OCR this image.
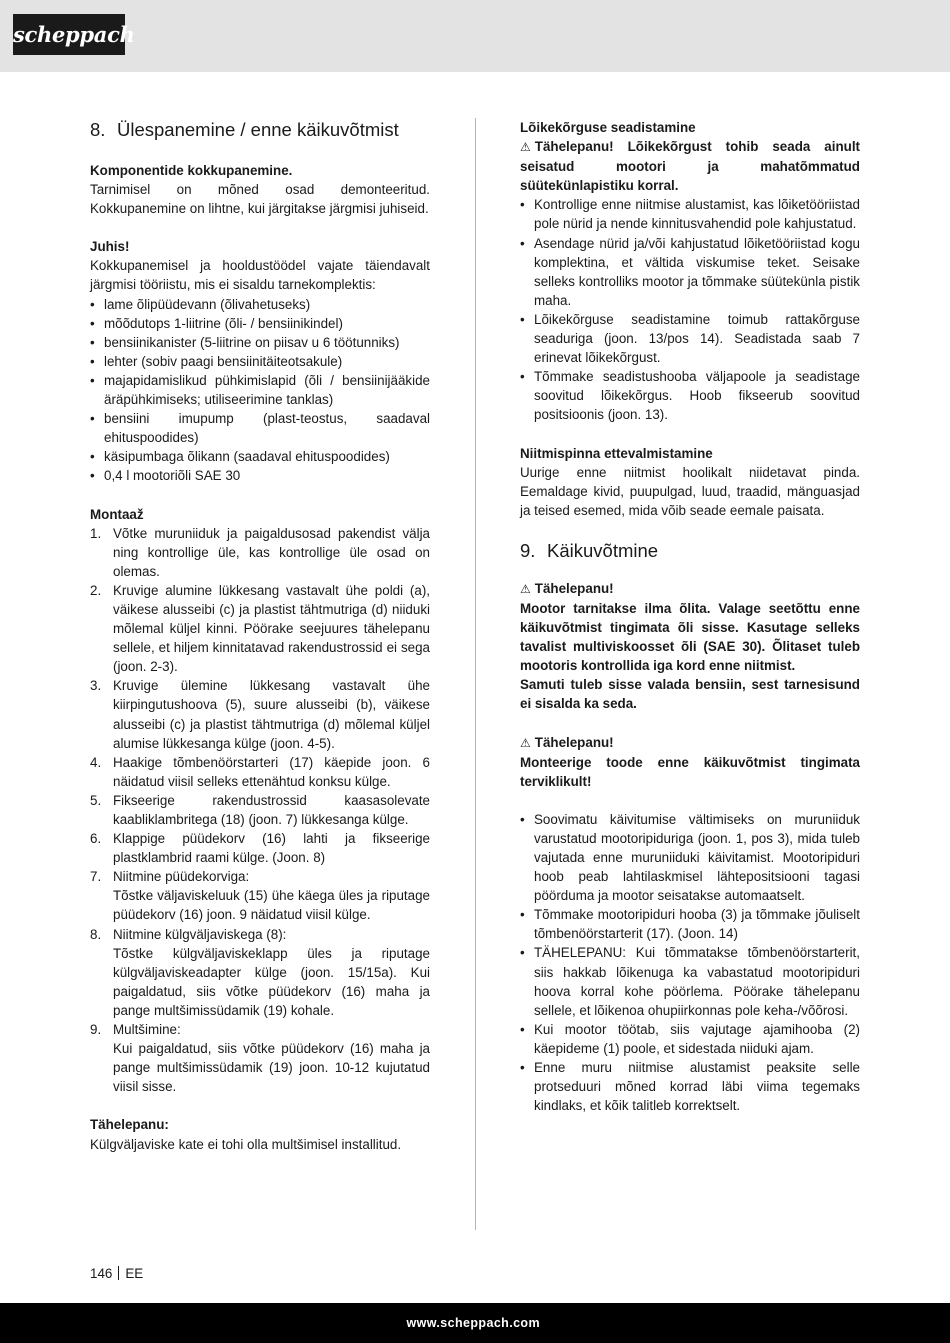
scheppach
8. Ülespanemine / enne käikuvõtmist
Komponentide kokkupanemine.

Tarnimisel on mõned osad demonteeritud. Kokkupanemine on lihtne, kui järgitakse järgmisi juhiseid.

Juhis!

Kokkupanemisel ja hooldustöödel vajate täiendavalt järgmisi tööriistu, mis ei sisaldu tarnekomplektis:

• lame õlipüüdevann (õlivahetuseks)
• mõõdutops 1-liitrine (õli- / bensiinikindel)
• bensiinikanister (5-liitrine on piisav u 6 töötunniks)
• lehter (sobiv paagi bensiinitäiteotsakule)
• majapidamislikud pühkimislapid (õli / bensiinijääkide äräpühkimiseks; utiliseerimine tanklas)
• bensiini imupump (plast-teostus, saadaval ehituspoodides)
• käsipumbaga õlikann (saadaval ehituspoodides)
• 0,4 l mootoriõli SAE 30
Montaaž
1. Võtke muruniiduk ja paigaldusosad pakendist välja ning kontrollige üle, kas kontrollige üle osad on olemas.
2. Kruvige alumine lükkesang vastavalt ühe poldi (a), väikese alusseibi (c) ja plastist tähtmutriga (d) niiduki mõlemal küljel kinni. Pöörake seejuures tähelepanu sellele, et hiljem kinnitatavad rakendustrossid ei sega (joon. 2-3).
3. Kruvige ülemine lükkesang vastavalt ühe kiirpingutushoova (5), suure alusseibi (b), väikese alusseibi (c) ja plastist tähtmutriga (d) mõlemal küljel alumise lükkesanga külge (joon. 4-5).
4. Haakige tõmbenöörstarteri (17) käepide joon. 6 näidatud viisil selleks ettenähtud konksu külge.
5. Fikseerige rakendustrossid kaasasolevate kaabliklambritega (18) (joon. 7) lükkesanga külge.
6. Klappige püüdekorv (16) lahti ja fikseerige plastklambrid raami külge. (Joon. 8)
7. Niitmine püüdekorviga:
Tõstke väljaviskeluuk (15) ühe käega üles ja riputage püüdekorv (16) joon. 9 näidatud viisil külge.
8. Niitmine külgväljaviskega (8):
Tõstke külgväljaviskeklapp üles ja riputage külgväljaviskeadapter külge (joon. 15/15a). Kui paigaldatud, siis võtke püüdekorv (16) maha ja pange multšimissüdamik (19) kohale.
9. Multšimine:
Kui paigaldatud, siis võtke püüdekorv (16) maha ja pange multšimissüdamik (19) joon. 10-12 kujutatud viisil sisse.
Tähelepanu:

Külgväljaviske kate ei tohi olla multšimisel installitud.

Lõikekõrguse seadistamine

⚠ Tähelepanu! Lõikekõrgust tohib seada ainult seisatud mootori ja mahatõmmatud süütekünlapistiku korral.

• Kontrollige enne niitmise alustamist, kas lõiketööriistad pole nürid ja nende kinnitusvahendid pole kahjustatud.
• Asendage nürid ja/või kahjustatud lõiketööriistad kogu komplektina, et vältida viskumise teket. Seisake selleks kontrolliks mootor ja tõmmake süütekünla pistik maha.
• Lõikekõrguse seadistamine toimub rattakõrguse seaduriga (joon. 13/pos 14). Seadistada saab 7 erinevat lõikekõrgust.
• Tõmmake seadistushooba väljapoole ja seadistage soovitud lõikekõrgus. Hoob fikseerub soovitud positsioonis (joon. 13).
Niitmispinna ettevalmistamine

Uurige enne niitmist hoolikalt niidetavat pinda. Eemaldage kivid, puupulgad, luud, traadid, mänguasjad ja teised esemed, mida võib seade eemale paisata.

9. Käikuvõtmine
⚠ Tähelepanu!

Mootor tarnitakse ilma õlita. Valage seetõttu enne käikuvõtmist tingimata õli sisse. Kasutage selleks tavalist multiviskoosset õli (SAE 30). Õlitaset tuleb mootoris kontrollida iga kord enne niitmist.

Samuti tuleb sisse valada bensiin, sest tarnesisund ei sisalda ka seda.

⚠ Tähelepanu!

Monteerige toode enne käikuvõtmist tingimata terviklikult!

• Soovimatu käivitumise vältimiseks on muruniiduk varustatud mootoripiduriga (joon. 1, pos 3), mida tuleb vajutada enne muruniiduki käivitamist. Mootoripiduri hoob peab lahtilaskmisel lähtepositsiooni tagasi pöörduma ja mootor seisatakse automaatselt.
• Tõmmake mootoripiduri hooba (3) ja tõmmake jõuliselt tõmbenöörstarterit (17). (Joon. 14)
• TÄHELEPANU: Kui tõmmatakse tõmbenöörstarterit, siis hakkab lõikenuga ka vabastatud mootoripiduri hoova korral kohe pöörlema. Pöörake tähelepanu sellele, et lõikenoa ohupiirkonnas pole keha-/võõrosi.
• Kui mootor töötab, siis vajutage ajamihooba (2) käepideme (1) poole, et sidestada niiduki ajam.
• Enne muru niitmise alustamist peaksite selle protseduuri mõned korrad läbi viima tegemaks kindlaks, et kõik talitleb korrektselt.
146 EE
www.scheppach.com
